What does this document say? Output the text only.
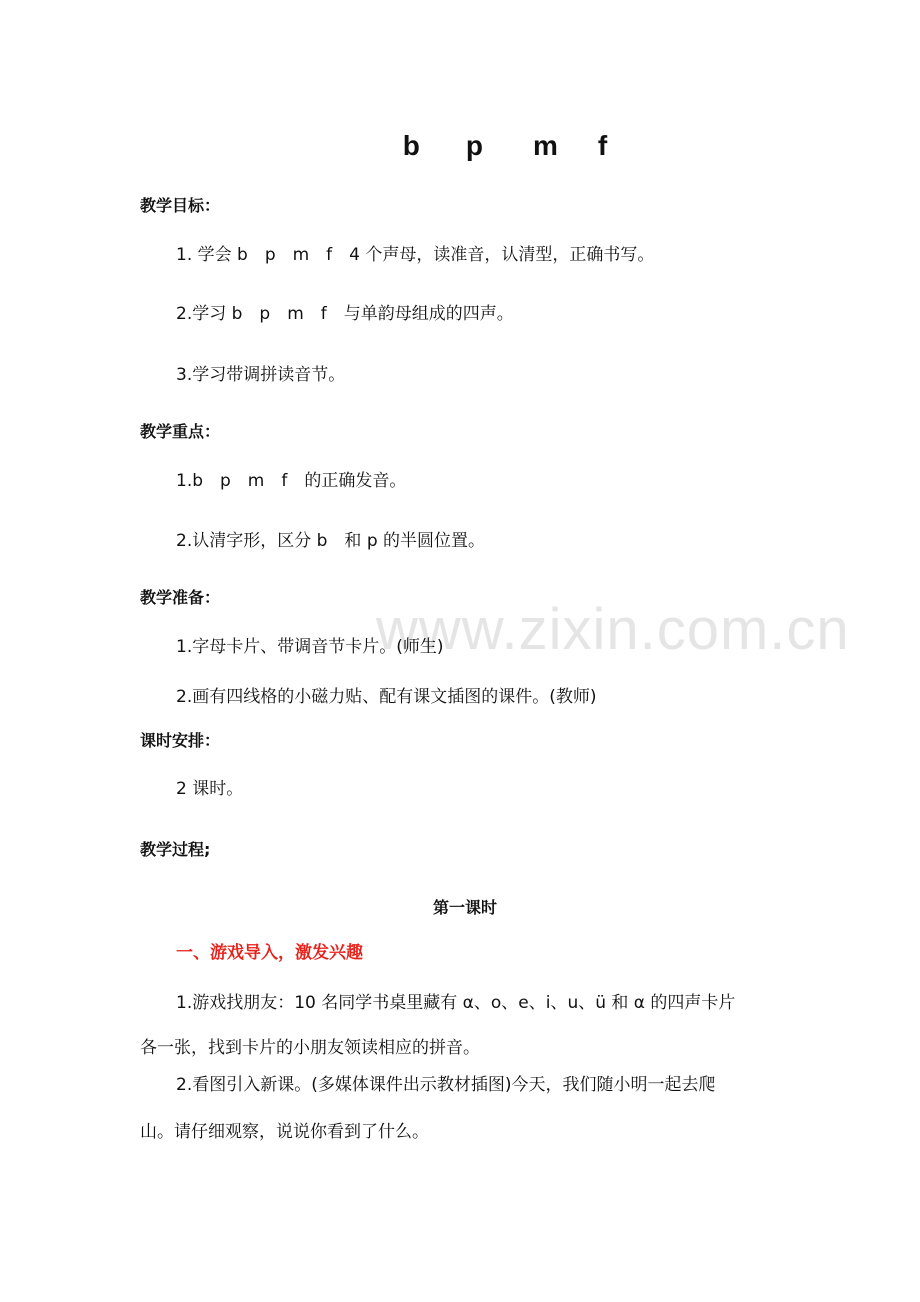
b p m f
www.zixin.com.cn
教学目标：
1. 学会 b　p　m　f　4 个声母，读准音，认清型，正确书写。
2.学习 b　p　m　f　与单韵母组成的四声。
3.学习带调拼读音节。
教学重点：
1.b　p　m　f　的正确发音。
2.认清字形，区分 b　和 p 的半圆位置。
教学准备：
1.字母卡片、带调音节卡片。(师生)
2.画有四线格的小磁力贴、配有课文插图的课件。(教师)
课时安排：
2 课时。
教学过程;
第一课时
一、游戏导入，激发兴趣
1.游戏找朋友：10 名同学书桌里藏有 α、o、e、i、u、ü 和 α 的四声卡片
各一张，找到卡片的小朋友领读相应的拼音。
2.看图引入新课。(多媒体课件出示教材插图)今天，我们随小明一起去爬
山。请仔细观察，说说你看到了什么。
